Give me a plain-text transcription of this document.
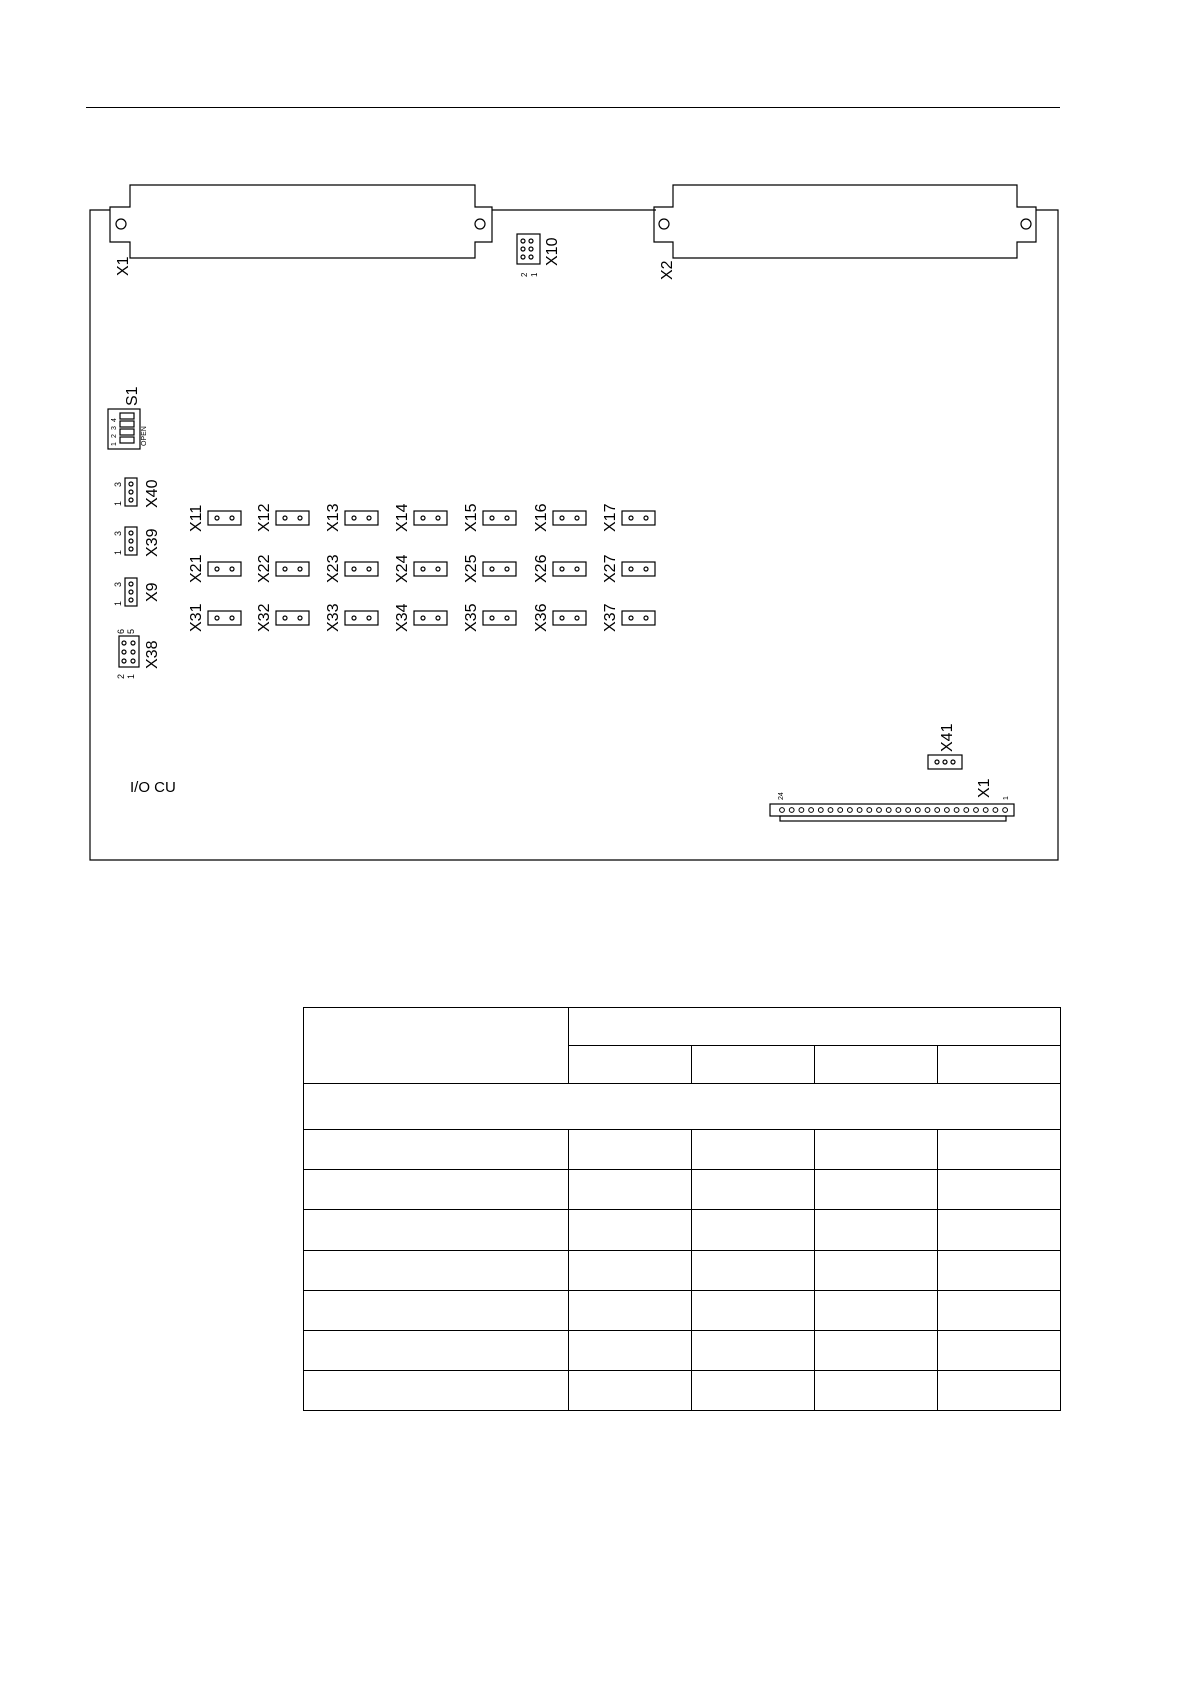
X1	X2
X10
2 1
S1
1
2
3
4
OPEN
X40
1
3
X39
1
3
X9
1
3
X38
6 5
2 1
X41
I/O CU	X1
24	1
X11	X12	X13	X14	X15	X16	X17
X21	X22	X23	X24	X25	X26	X27
X31	X32	X33	X34	X35	X36	X37
